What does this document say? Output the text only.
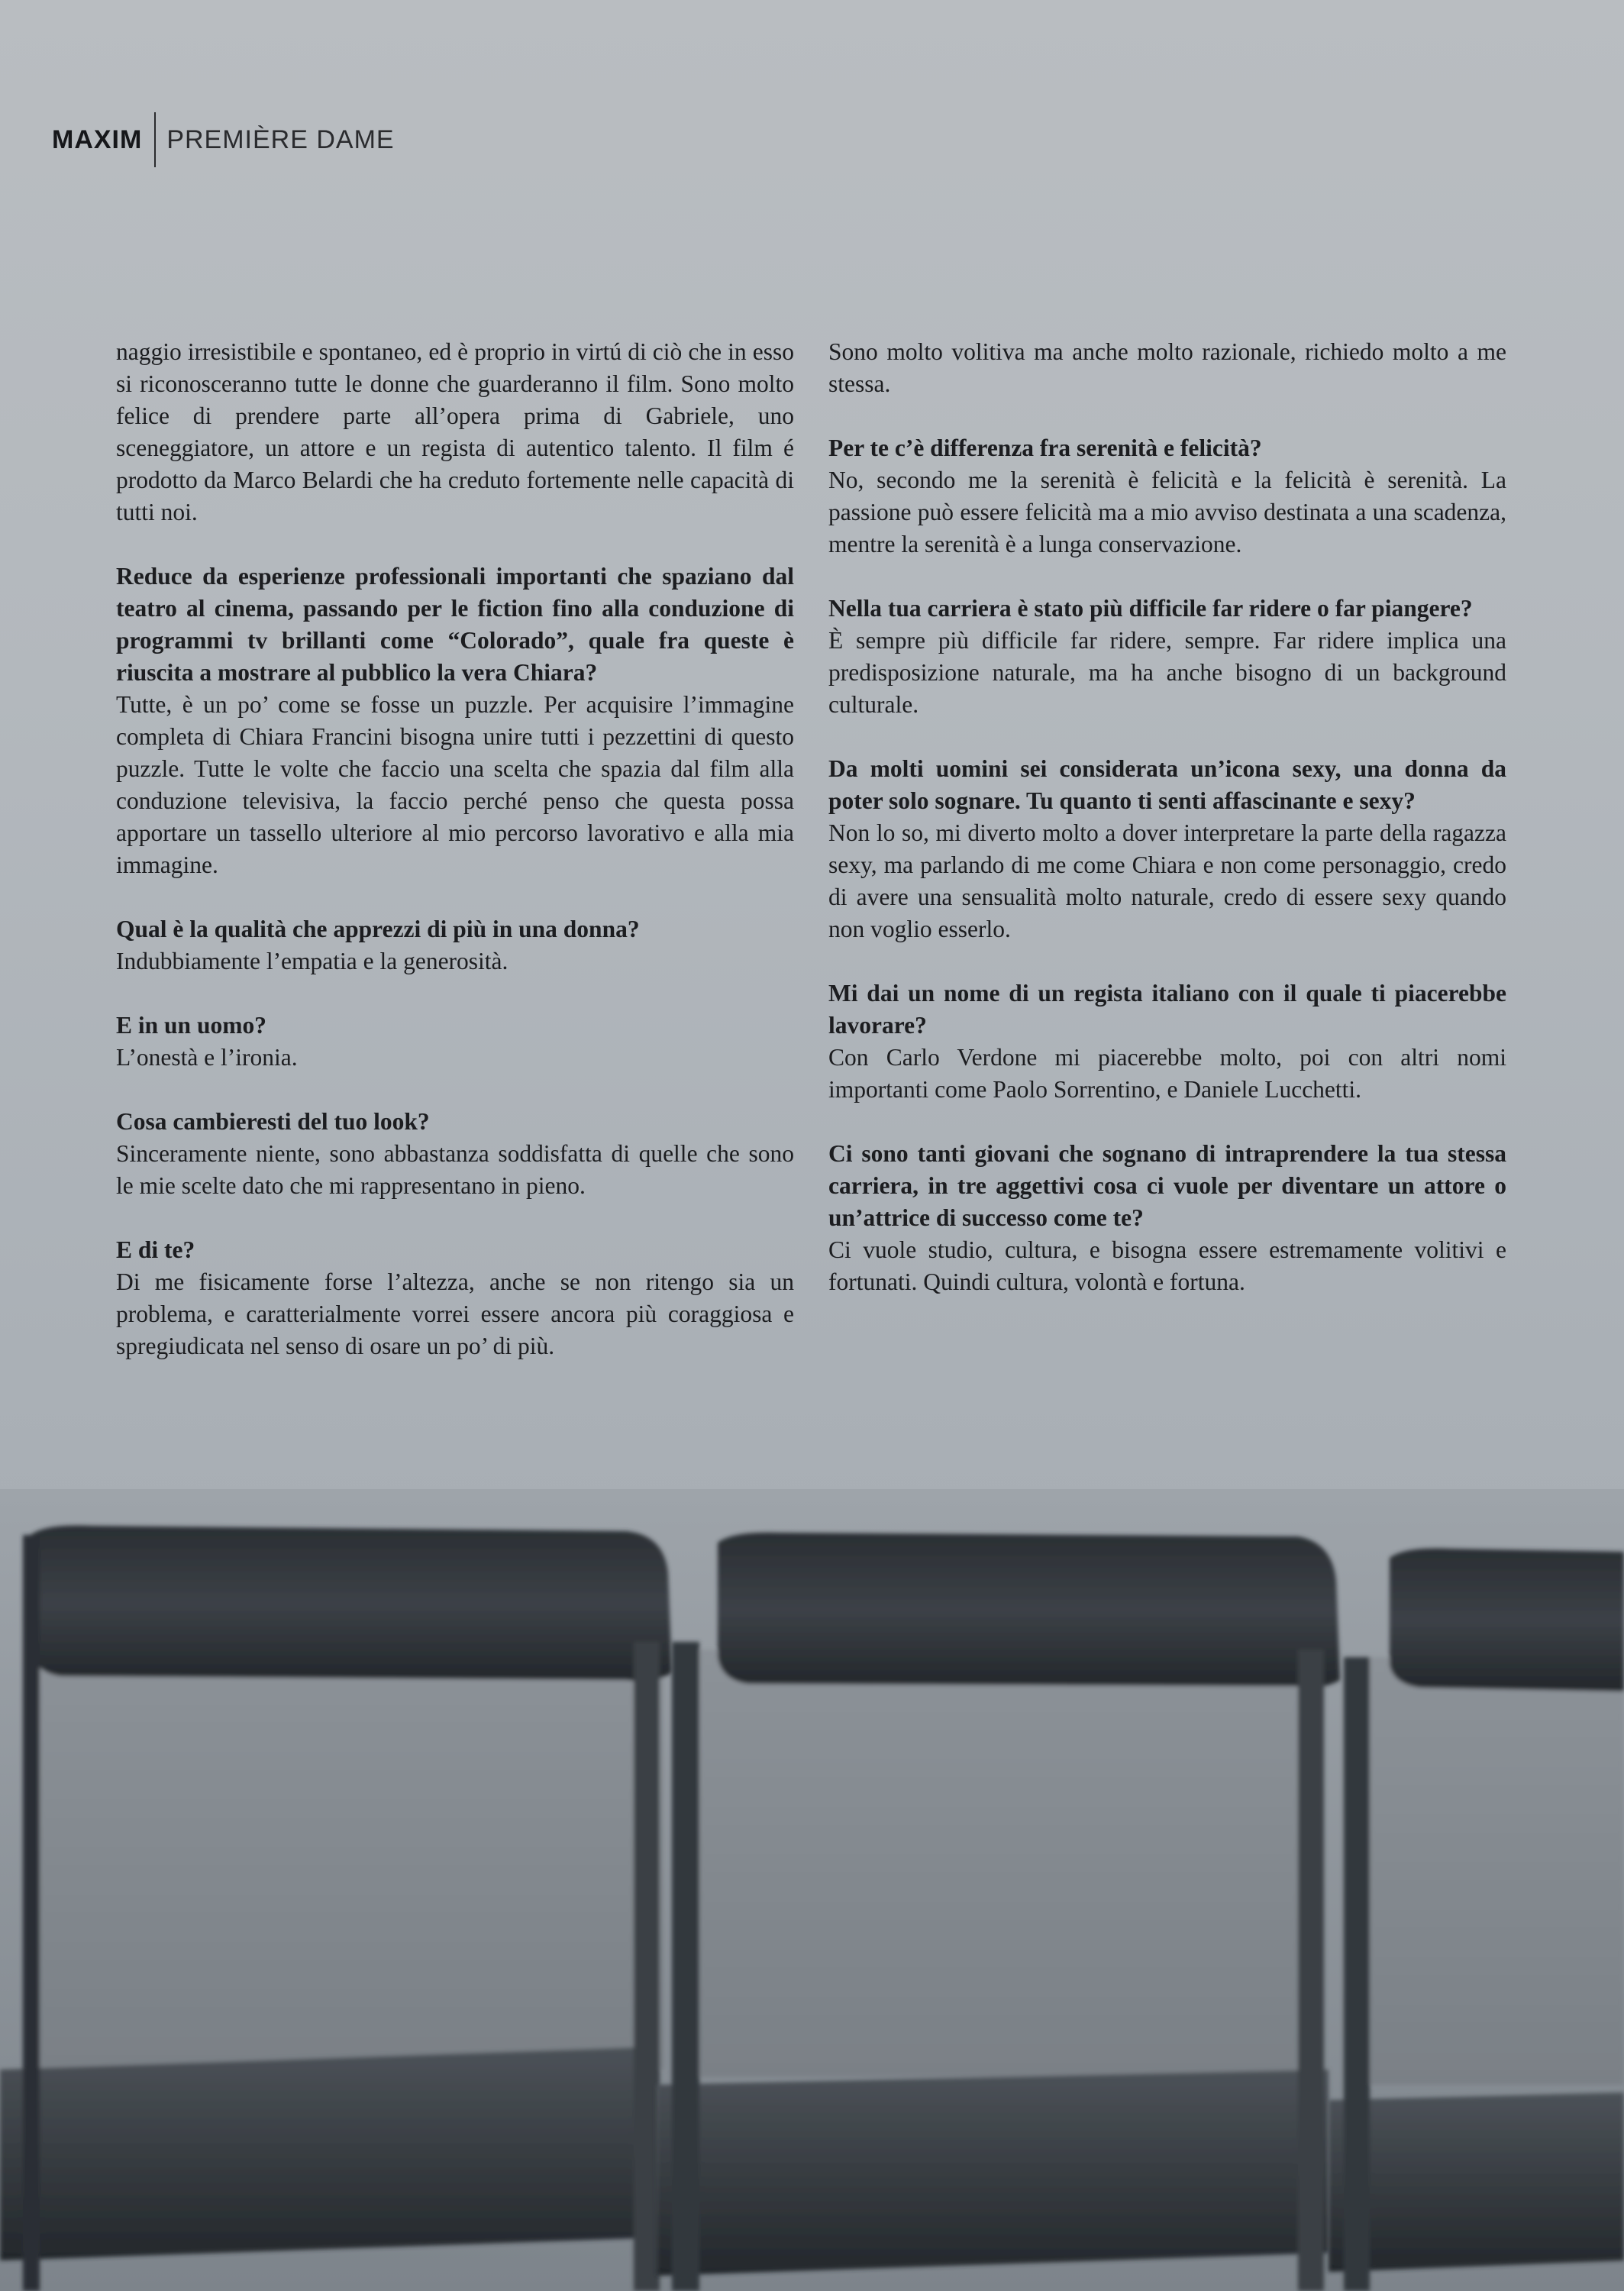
MAXIM PREMIÈRE DAME

naggio irresistibile e spontaneo, ed è proprio in virtú di ciò che in esso si riconosceranno tutte le donne che guarderanno il film. Sono molto felice di prendere parte all’opera prima di Gabriele, uno sceneggiatore, un attore e un regista di autentico talento. Il film é prodotto da Marco Belardi che ha creduto fortemente nelle capacità di tutti noi.

Reduce da esperienze professionali importanti che spaziano dal teatro al cinema, passando per le fiction fino alla conduzione di programmi tv brillanti come “Colorado”, quale fra queste è riuscita a mostrare al pubblico la vera Chiara?
Tutte, è un po’ come se fosse un puzzle. Per acquisire l’immagine completa di Chiara Francini bisogna unire tutti i pezzettini di questo puzzle. Tutte le volte che faccio una scelta che spazia dal film alla conduzione televisiva, la faccio perché penso che questa possa apportare un tassello ulteriore al mio percorso lavorativo e alla mia immagine.

Qual è la qualità che apprezzi di più in una donna?
Indubbiamente l’empatia e la generosità.

E in un uomo?
L’onestà e l’ironia.

Cosa cambieresti del tuo look?
Sinceramente niente, sono abbastanza soddisfatta di quelle che sono le mie scelte dato che mi rappresentano in pieno.

E di te?
Di me fisicamente forse l’altezza, anche se non ritengo sia un problema, e caratterialmente vorrei essere ancora più coraggiosa e spregiudicata nel senso di osare un po’ di più.

Sono molto volitiva ma anche molto razionale, richiedo molto a me stessa.

Per te c’è differenza fra serenità e felicità?
No, secondo me la serenità è felicità e la felicità è serenità. La passione può essere felicità ma a mio avviso destinata a una scadenza, mentre la serenità è a lunga conservazione.

Nella tua carriera è stato più difficile far ridere o far piangere?
È sempre più difficile far ridere, sempre. Far ridere implica una predisposizione naturale, ma ha anche bisogno di un background culturale.

Da molti uomini sei considerata un’icona sexy, una donna da poter solo sognare. Tu quanto ti senti affascinante e sexy?
Non lo so, mi diverto molto a dover interpretare la parte della ragazza sexy, ma parlando di me come Chiara e non come personaggio, credo di avere una sensualità molto naturale, credo di essere sexy quando non voglio esserlo.

Mi dai un nome di un regista italiano con il quale ti piacerebbe lavorare?
Con Carlo Verdone mi piacerebbe molto, poi con altri nomi importanti come Paolo Sorrentino, e Daniele Lucchetti.

Ci sono tanti giovani che sognano di intraprendere la tua stessa carriera, in tre aggettivi cosa ci vuole per diventare un attore o un’attrice di successo come te?
Ci vuole studio, cultura, e bisogna essere estremamente volitivi e fortunati. Quindi cultura, volontà e fortuna.
